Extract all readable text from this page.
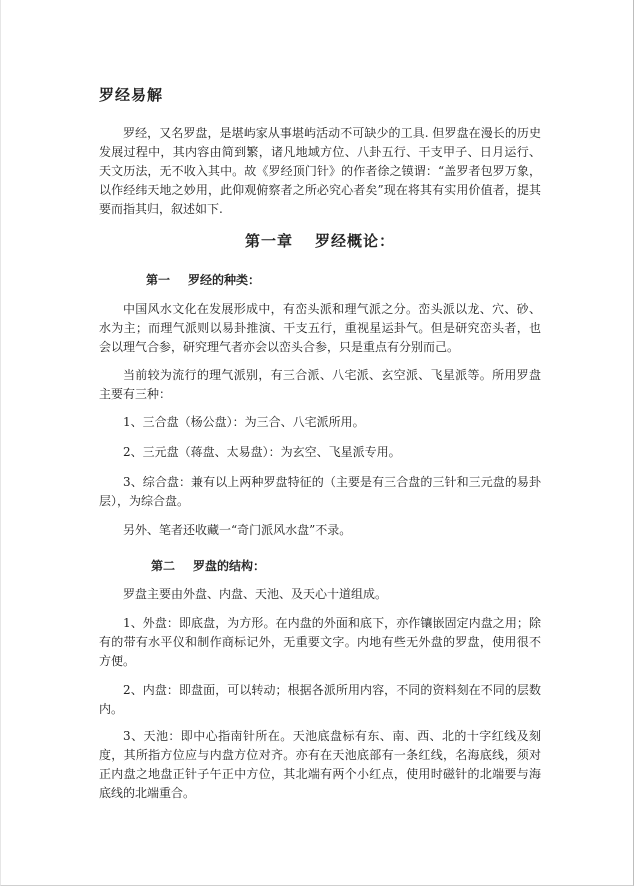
罗经易解

罗经，又名罗盘，是堪屿家从事堪屿活动不可缺少的工具. 但罗盘在漫长的历史发展过程中，其内容由简到繁，诸凡地域方位、八卦五行、干支甲子、日月运行、天文历法，无不收入其中。故《罗经顶门针》的作者徐之镆谓：“盖罗者包罗万象，以作经纬天地之妙用，此仰观俯察者之所必究心者矣”现在将其有实用价值者，提其要而指其归，叙述如下.

第一章 罗经概论：
第一 罗经的种类：

中国风水文化在发展形成中，有峦头派和理气派之分。峦头派以龙、穴、砂、水为主；而理气派则以易卦推演、干支五行，重视星运卦气。但是研究峦头者，也会以理气合参，研究理气者亦会以峦头合参，只是重点有分别而己。

当前较为流行的理气派别，有三合派、八宅派、玄空派、飞星派等。所用罗盘主要有三种：

1、三合盘（杨公盘）：为三合、八宅派所用。

2、三元盘（蒋盘、太易盘）：为玄空、飞星派专用。

3、综合盘：兼有以上两种罗盘特征的（主要是有三合盘的三针和三元盘的易卦层），为综合盘。

另外、笔者还收藏一“奇门派风水盘”不录。

第二 罗盘的结构：

罗盘主要由外盘、内盘、天池、及天心十道组成。

1、外盘：即底盘，为方形。在内盘的外面和底下，亦作镶嵌固定内盘之用；除有的带有水平仪和制作商标记外，无重要文字。内地有些无外盘的罗盘，使用很不方便。

2、内盘：即盘面，可以转动；根据各派所用内容，不同的资料刻在不同的层数内。

3、天池：即中心指南针所在。天池底盘标有东、南、西、北的十字红线及刻度，其所指方位应与内盘方位对齐。亦有在天池底部有一条红线，名海底线，须对正内盘之地盘正针子午正中方位，其北端有两个小红点，使用时磁针的北端要与海底线的北端重合。
